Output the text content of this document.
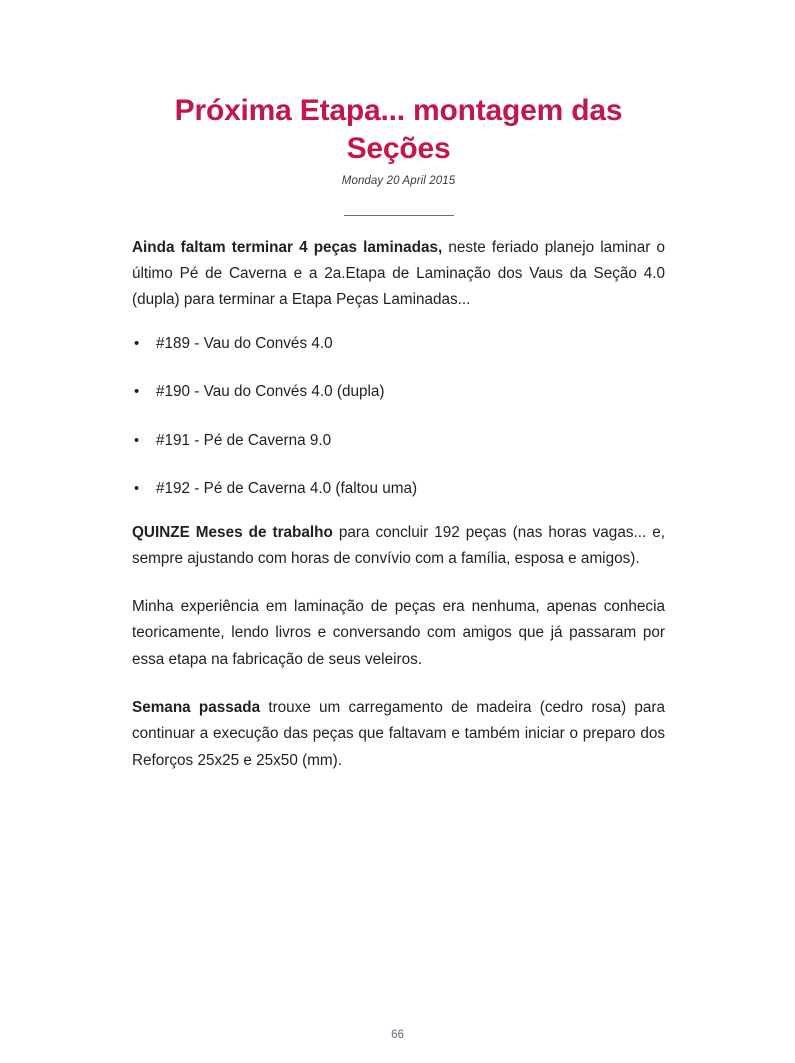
Próxima Etapa... montagem das Seções
Monday 20 April 2015

Ainda faltam terminar 4 peças laminadas, neste feriado planejo laminar o último Pé de Caverna e a 2a.Etapa de Laminação dos Vaus da Seção 4.0 (dupla) para terminar a Etapa Peças Laminadas...

• #189 - Vau do Convés 4.0
• #190 - Vau do Convés 4.0 (dupla)
• #191 - Pé de Caverna 9.0
• #192 - Pé de Caverna 4.0 (faltou uma)

QUINZE Meses de trabalho para concluir 192 peças (nas horas vagas... e, sempre ajustando com horas de convívio com a família, esposa e amigos).

Minha experiência em laminação de peças era nenhuma, apenas conhecia teoricamente, lendo livros e conversando com amigos que já passaram por essa etapa na fabricação de seus veleiros.

Semana passada trouxe um carregamento de madeira (cedro rosa) para continuar a execução das peças que faltavam e também iniciar o preparo dos Reforços 25x25 e 25x50 (mm).

66
